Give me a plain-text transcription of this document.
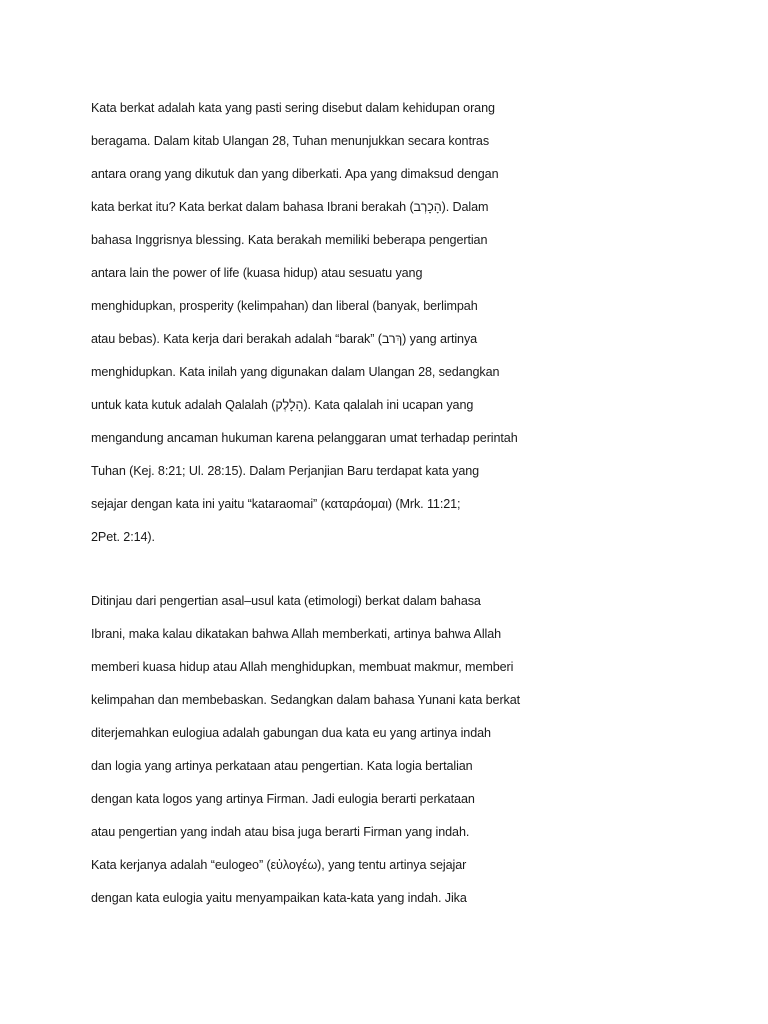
Kata berkat adalah kata yang pasti sering disebut dalam kehidupan orang
beragama. Dalam kitab Ulangan 28, Tuhan menunjukkan secara kontras
antara orang yang dikutuk dan yang diberkati. Apa yang dimaksud dengan
kata berkat itu? Kata berkat dalam bahasa Ibrani berakah (הָכָרְב). Dalam
bahasa Inggrisnya blessing. Kata berakah memiliki beberapa pengertian
antara lain the power of life (kuasa hidup) atau sesuatu yang
menghidupkan, prosperity (kelimpahan) dan liberal (banyak, berlimpah
atau bebas). Kata kerja dari berakah adalah “barak” (ךְרב) yang artinya
menghidupkan. Kata inilah yang digunakan dalam Ulangan 28, sedangkan
untuk kata kutuk adalah Qalalah (הָלָלְק). Kata qalalah ini ucapan yang
mengandung ancaman hukuman karena pelanggaran umat terhadap perintah
Tuhan (Kej. 8:21; Ul. 28:15). Dalam Perjanjian Baru terdapat kata yang
sejajar dengan kata ini yaitu “kataraomai” (καταράομαι) (Mrk. 11:21;
2Pet. 2:14).
Ditinjau dari pengertian asal–usul kata (etimologi) berkat dalam bahasa
Ibrani, maka kalau dikatakan bahwa Allah memberkati, artinya bahwa Allah
memberi kuasa hidup atau Allah menghidupkan, membuat makmur, memberi
kelimpahan dan membebaskan. Sedangkan dalam bahasa Yunani kata berkat
diterjemahkan eulogiua adalah gabungan dua kata eu yang artinya indah
dan logia yang artinya perkataan atau pengertian. Kata logia bertalian
dengan kata logos yang artinya Firman. Jadi eulogia berarti perkataan
atau pengertian yang indah atau bisa juga berarti Firman yang indah.
Kata kerjanya adalah “eulogeo” (εὐλογέω), yang tentu artinya sejajar
dengan kata eulogia yaitu menyampaikan kata-kata yang indah. Jika
